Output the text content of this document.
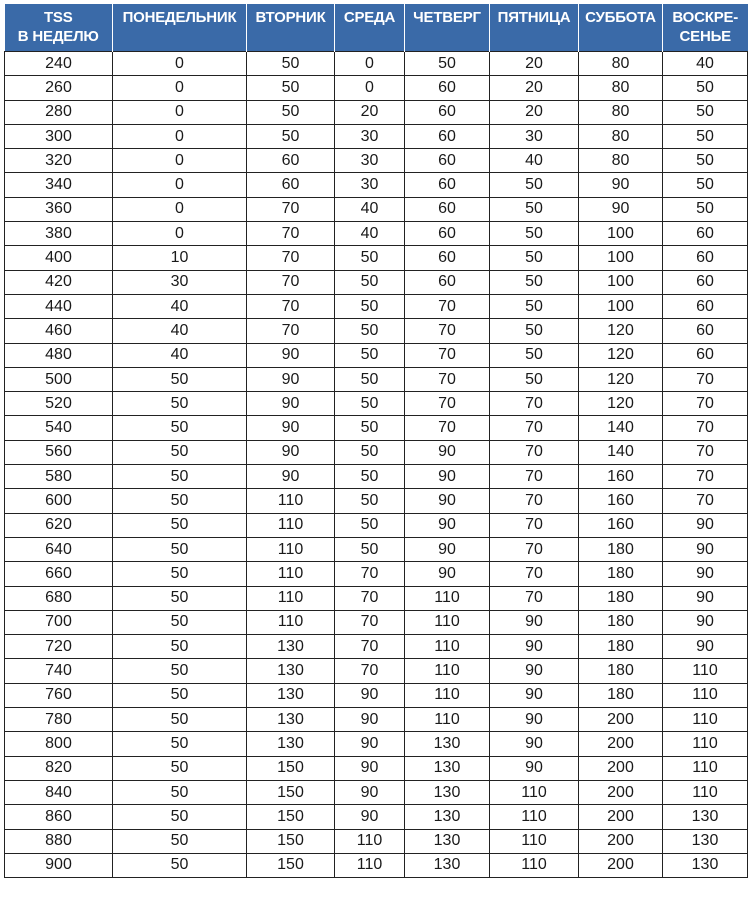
TSS
В НЕДЕЛЮ	ПОНЕДЕЛЬНИК	ВТОРНИК	СРЕДА	ЧЕТВЕРГ	ПЯТНИЦА	СУББОТА	ВОСКРЕ-
СЕНЬЕ

240	0	50	0	50	20	80	40
260	0	50	0	60	20	80	50
280	0	50	20	60	20	80	50
300	0	50	30	60	30	80	50
320	0	60	30	60	40	80	50
340	0	60	30	60	50	90	50
360	0	70	40	60	50	90	50
380	0	70	40	60	50	100	60
400	10	70	50	60	50	100	60
420	30	70	50	60	50	100	60
440	40	70	50	70	50	100	60
460	40	70	50	70	50	120	60
480	40	90	50	70	50	120	60
500	50	90	50	70	50	120	70
520	50	90	50	70	70	120	70
540	50	90	50	70	70	140	70
560	50	90	50	90	70	140	70
580	50	90	50	90	70	160	70
600	50	110	50	90	70	160	70
620	50	110	50	90	70	160	90
640	50	110	50	90	70	180	90
660	50	110	70	90	70	180	90
680	50	110	70	110	70	180	90
700	50	110	70	110	90	180	90
720	50	130	70	110	90	180	90
740	50	130	70	110	90	180	110
760	50	130	90	110	90	180	110
780	50	130	90	110	90	200	110
800	50	130	90	130	90	200	110
820	50	150	90	130	90	200	110
840	50	150	90	130	110	200	110
860	50	150	90	130	110	200	130
880	50	150	110	130	110	200	130
900	50	150	110	130	110	200	130
